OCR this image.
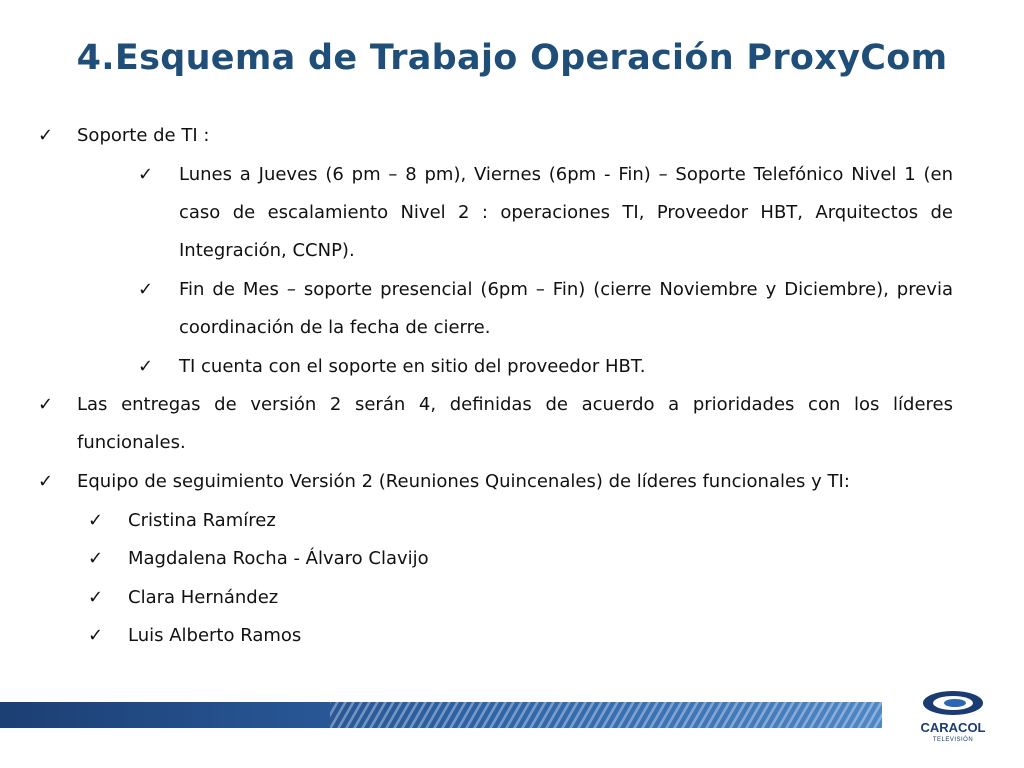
4.Esquema de Trabajo Operación ProxyCom
✓ Soporte de TI :
✓ Lunes a Jueves (6 pm – 8 pm), Viernes (6pm - Fin) – Soporte Telefónico Nivel 1 (en caso de escalamiento Nivel 2 : operaciones TI, Proveedor HBT, Arquitectos de Integración, CCNP).
✓ Fin de Mes – soporte presencial (6pm – Fin) (cierre Noviembre y Diciembre), previa coordinación de la fecha de cierre.
✓ TI cuenta con el soporte en sitio del proveedor HBT.
✓ Las entregas de versión 2 serán 4, definidas de acuerdo a prioridades con los líderes funcionales.
✓ Equipo de seguimiento Versión 2 (Reuniones Quincenales) de líderes funcionales y TI:
✓ Cristina Ramírez
✓ Magdalena Rocha - Álvaro Clavijo
✓ Clara Hernández
✓ Luis Alberto Ramos
CARACOL
TELEVISIÓN
